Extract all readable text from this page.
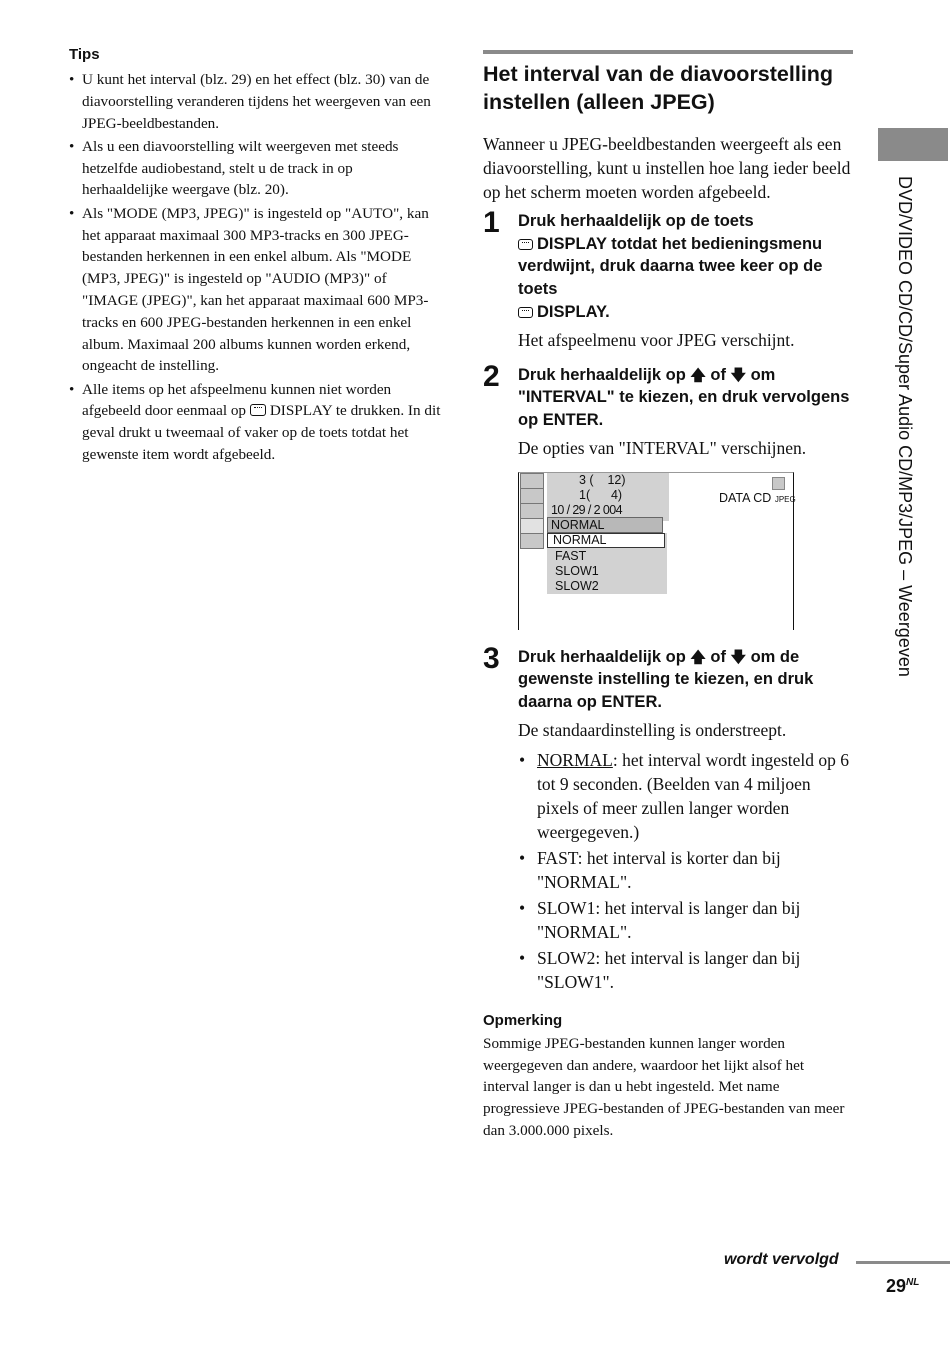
Tips
• U kunt het interval (blz. 29) en het effect (blz. 30) van de diavoorstelling veranderen tijdens het weergeven van een JPEG-beeldbestanden.
• Als u een diavoorstelling wilt weergeven met steeds hetzelfde audiobestand, stelt u de track in op herhaaldelijke weergave (blz. 20).
• Als "MODE (MP3, JPEG)" is ingesteld op "AUTO", kan het apparaat maximaal 300 MP3-tracks en 300 JPEG-bestanden herkennen in een enkel album. Als "MODE (MP3, JPEG)" is ingesteld op "AUDIO (MP3)" of "IMAGE (JPEG)", kan het apparaat maximaal 600 MP3-tracks en 600 JPEG-bestanden herkennen in een enkel album. Maximaal 200 albums kunnen worden erkend, ongeacht de instelling.
• Alle items op het afspeelmenu kunnen niet worden afgebeeld door eenmaal op DISPLAY te drukken. In dit geval drukt u tweemaal of vaker op de toets totdat het gewenste item wordt afgebeeld.
Het interval van de diavoorstelling instellen (alleen JPEG)

Wanneer u JPEG-beeldbestanden weergeeft als een diavoorstelling, kunt u instellen hoe lang ieder beeld op het scherm moeten worden afgebeeld.

1 Druk herhaaldelijk op de toets
DISPLAY totdat het bedieningsmenu verdwijnt, druk daarna twee keer op de toets
DISPLAY.

Het afspeelmenu voor JPEG verschijnt.

2 Druk herhaaldelijk op 🡅 of 🡇 om "INTERVAL" te kiezen, en druk vervolgens op ENTER.

De opties van "INTERVAL" verschijnen.

3 (    12)
1(      4)
10 / 29 / 2 004
NORMAL
NORMAL
FAST
SLOW1
SLOW2
DATA CD JPEG
3 Druk herhaaldelijk op 🡅 of 🡇 om de gewenste instelling te kiezen, en druk daarna op ENTER.

De standaardinstelling is onderstreept.

• NORMAL: het interval wordt ingesteld op 6 tot 9 seconden. (Beelden van 4 miljoen pixels of meer zullen langer worden weergegeven.)
• FAST: het interval is korter dan bij "NORMAL".
• SLOW1: het interval is langer dan bij "NORMAL".
• SLOW2: het interval is langer dan bij "SLOW1".
Opmerking

Sommige JPEG-bestanden kunnen langer worden weergegeven dan andere, waardoor het lijkt alsof het interval langer is dan u hebt ingesteld. Met name progressieve JPEG-bestanden of JPEG-bestanden van meer dan 3.000.000 pixels.

DVD/VIDEO CD/CD/Super Audio CD/MP3/JPEG – Weergeven
wordt vervolgd
$29^{NL}$
